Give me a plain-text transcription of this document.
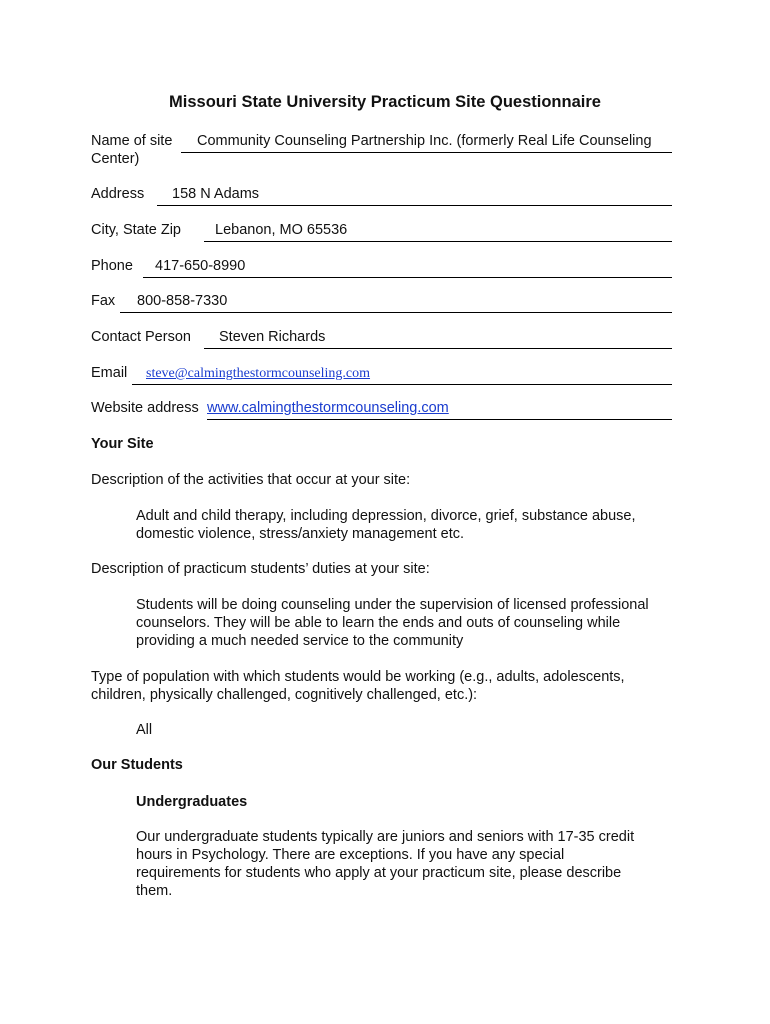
Missouri State University Practicum Site Questionnaire
Name of site Community Counseling Partnership Inc. (formerly Real Life Counseling
Center)
Address 158 N Adams
City, State Zip Lebanon, MO 65536
Phone 417-650-8990
Fax 800-858-7330
Contact Person Steven Richards
Email steve@calmingthestormcounseling.com
Website address www.calmingthestormcounseling.com
Your Site
Description of the activities that occur at your site:
Adult and child therapy, including depression, divorce, grief, substance abuse,
domestic violence, stress/anxiety management etc.
Description of practicum students’ duties at your site:
Students will be doing counseling under the supervision of licensed professional
counselors. They will be able to learn the ends and outs of counseling while
providing a much needed service to the community
Type of population with which students would be working (e.g., adults, adolescents,
children, physically challenged, cognitively challenged, etc.):
All
Our Students
Undergraduates
Our undergraduate students typically are juniors and seniors with 17-35 credit
hours in Psychology. There are exceptions. If you have any special
requirements for students who apply at your practicum site, please describe
them.
